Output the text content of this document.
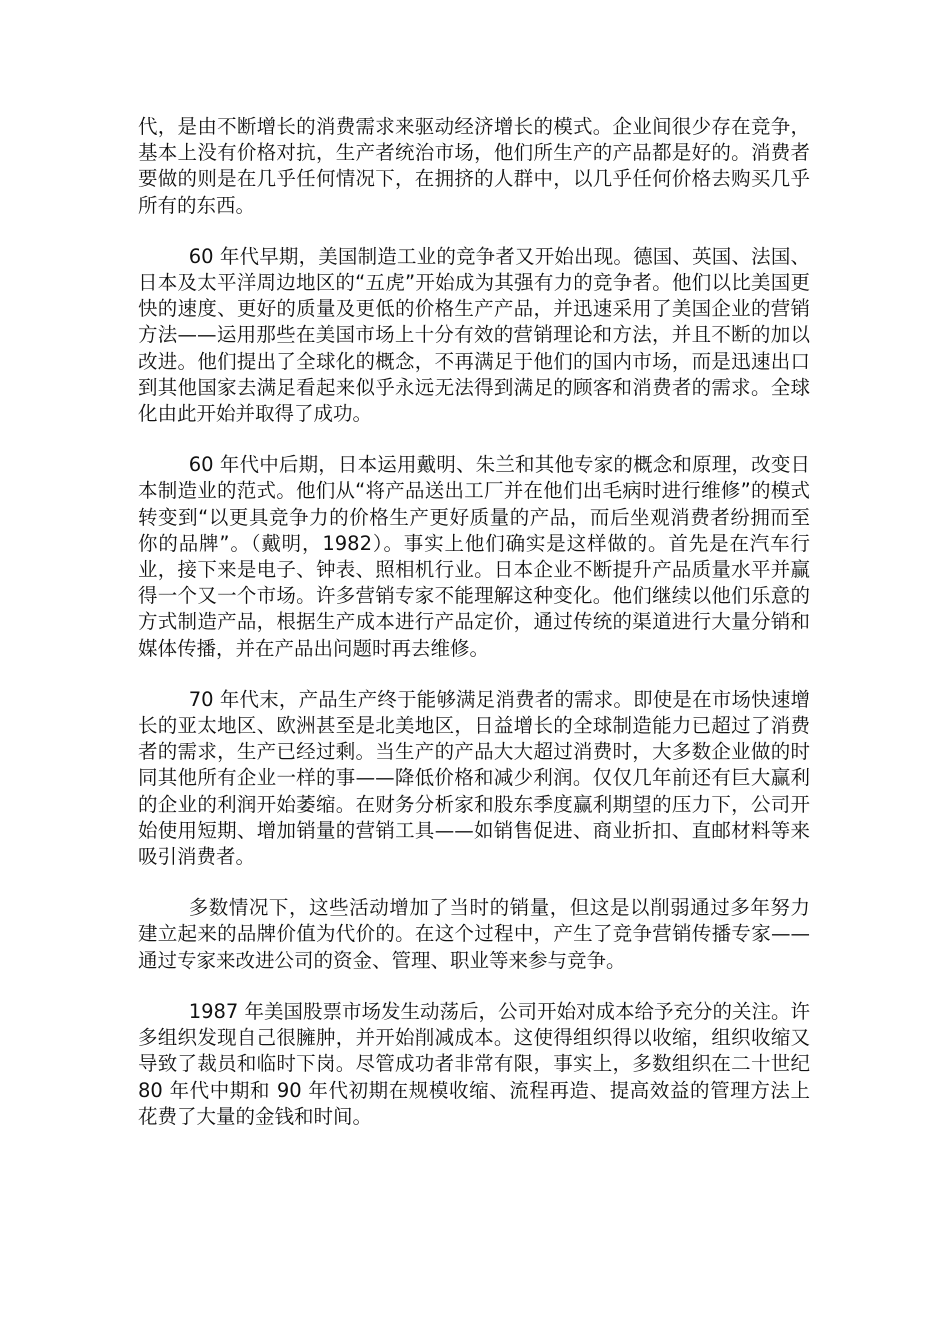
代，是由不断增长的消费需求来驱动经济增长的模式。企业间很少存在竞争，基本上没有价格对抗，生产者统治市场，他们所生产的产品都是好的。消费者要做的则是在几乎任何情况下，在拥挤的人群中，以几乎任何价格去购买几乎所有的东西。

60 年代早期，美国制造工业的竞争者又开始出现。德国、英国、法国、日本及太平洋周边地区的“五虎”开始成为其强有力的竞争者。他们以比美国更快的速度、更好的质量及更低的价格生产产品，并迅速采用了美国企业的营销方法——运用那些在美国市场上十分有效的营销理论和方法，并且不断的加以改进。他们提出了全球化的概念，不再满足于他们的国内市场，而是迅速出口到其他国家去满足看起来似乎永远无法得到满足的顾客和消费者的需求。全球化由此开始并取得了成功。

60 年代中后期，日本运用戴明、朱兰和其他专家的概念和原理，改变日本制造业的范式。他们从“将产品送出工厂并在他们出毛病时进行维修”的模式转变到“以更具竞争力的价格生产更好质量的产品，而后坐观消费者纷拥而至你的品牌”。（戴明，1982）。事实上他们确实是这样做的。首先是在汽车行业，接下来是电子、钟表、照相机行业。日本企业不断提升产品质量水平并赢得一个又一个市场。许多营销专家不能理解这种变化。他们继续以他们乐意的方式制造产品，根据生产成本进行产品定价，通过传统的渠道进行大量分销和媒体传播，并在产品出问题时再去维修。

70 年代末，产品生产终于能够满足消费者的需求。即使是在市场快速增长的亚太地区、欧洲甚至是北美地区，日益增长的全球制造能力已超过了消费者的需求，生产已经过剩。当生产的产品大大超过消费时，大多数企业做的时同其他所有企业一样的事——降低价格和减少利润。仅仅几年前还有巨大赢利的企业的利润开始萎缩。在财务分析家和股东季度赢利期望的压力下，公司开始使用短期、增加销量的营销工具——如销售促进、商业折扣、直邮材料等来吸引消费者。

多数情况下，这些活动增加了当时的销量，但这是以削弱通过多年努力建立起来的品牌价值为代价的。在这个过程中，产生了竞争营销传播专家——通过专家来改进公司的资金、管理、职业等来参与竞争。

1987 年美国股票市场发生动荡后，公司开始对成本给予充分的关注。许多组织发现自己很臃肿，并开始削减成本。这使得组织得以收缩，组织收缩又导致了裁员和临时下岗。尽管成功者非常有限，事实上，多数组织在二十世纪 80 年代中期和 90 年代初期在规模收缩、流程再造、提高效益的管理方法上花费了大量的金钱和时间。
